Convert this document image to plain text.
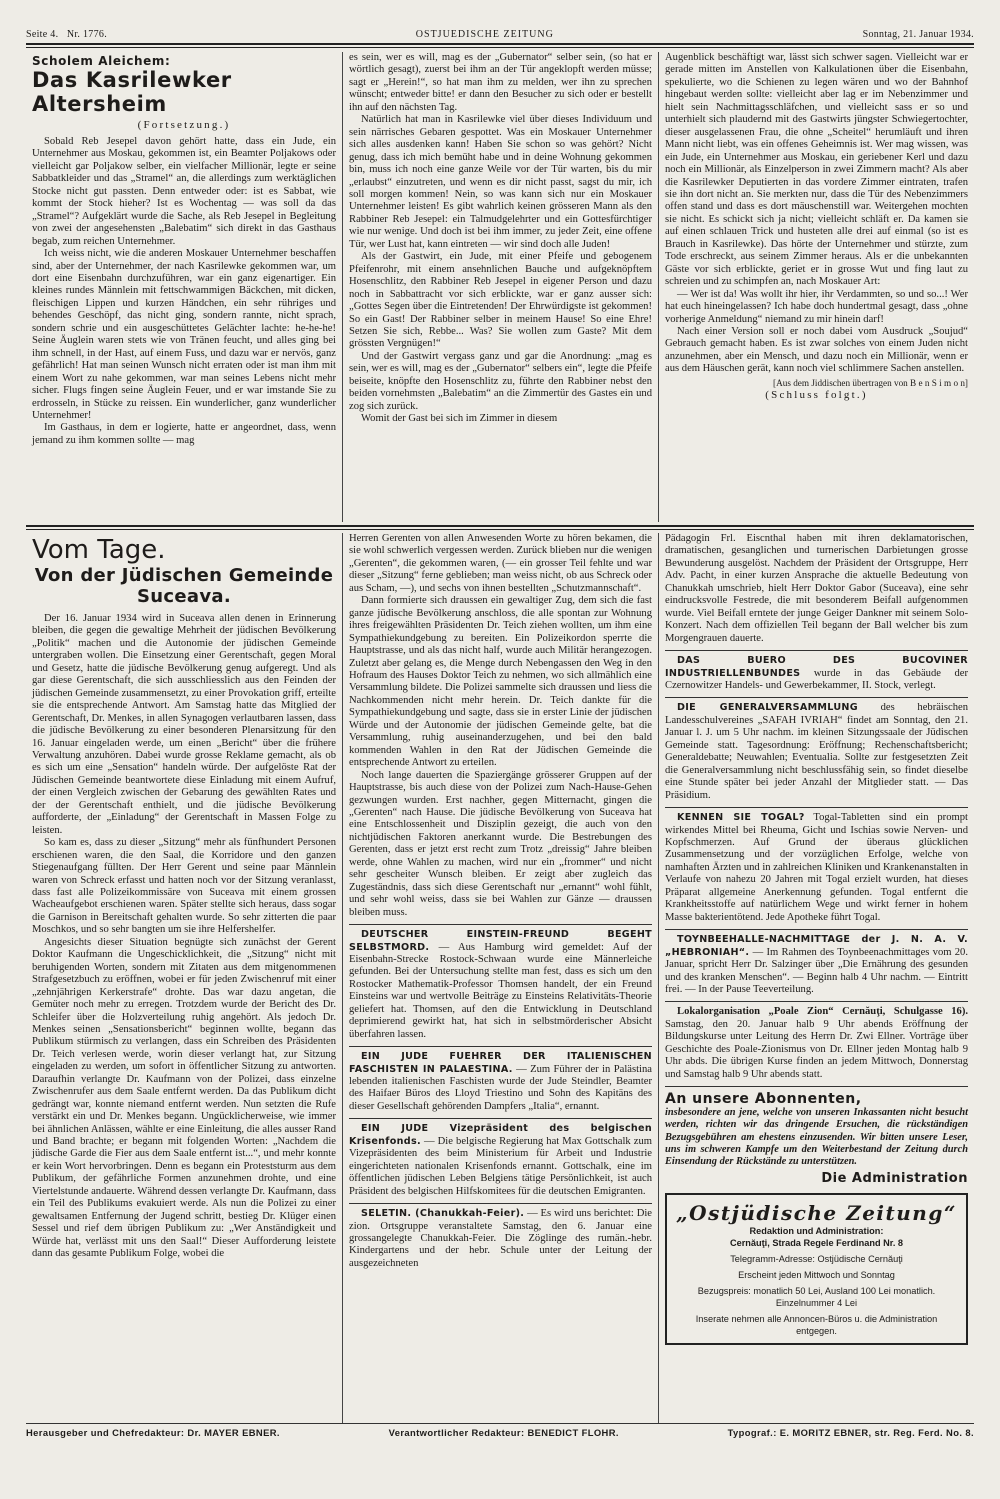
Seite 4. Nr. 1776.	OSTJUEDISCHE ZEITUNG	Sonntag, 21. Januar 1934.
Scholem Aleichem:
Das Kasrilewker Altersheim
(Fortsetzung.)

Sobald Reb Jesepel davon gehört hatte, dass ein Jude, ein Unternehmer aus Moskau, gekommen ist, ein Beamter Poljakows oder vielleicht gar Poljakow selber, ein vielfacher Millionär, legte er seine Sabbatkleider und das „Stramel“ an, die allerdings zum werktäglichen Stocke nicht gut passten. Denn entweder oder: ist es Sabbat, wie kommt der Stock hieher? Ist es Wochentag — was soll da das „Stramel“? Aufgeklärt wurde die Sache, als Reb Jesepel in Begleitung von zwei der angesehensten „Balebatim“ sich direkt in das Gasthaus begab, zum reichen Unternehmer.

Ich weiss nicht, wie die anderen Moskauer Unternehmer beschaffen sind, aber der Unternehmer, der nach Kasrilewke gekommen war, um dort eine Eisenbahn durchzuführen, war ein ganz eigenartiger. Ein kleines rundes Männlein mit fettschwammigen Bäckchen, mit dicken, fleischigen Lippen und kurzen Händchen, ein sehr rühriges und behendes Geschöpf, das nicht ging, sondern rannte, nicht sprach, sondern schrie und ein ausgeschüttetes Gelächter lachte: he-he-he! Seine Äuglein waren stets wie von Tränen feucht, und alles ging bei ihm schnell, in der Hast, auf einem Fuss, und dazu war er nervös, ganz gefährlich! Hat man seinen Wunsch nicht erraten oder ist man ihm mit einem Wort zu nahe gekommen, war man seines Lebens nicht mehr sicher. Flugs fingen seine Äuglein Feuer, und er war imstande Sie zu erdrosseln, in Stücke zu reissen. Ein wunderlicher, ganz wunderlicher Unternehmer!

Im Gasthaus, in dem er logierte, hatte er angeordnet, dass, wenn jemand zu ihm kommen sollte — mag

es sein, wer es will, mag es der „Gubernator“ selber sein, (so hat er wörtlich gesagt), zuerst bei ihm an der Tür angeklopft werden müsse; sagt er „Herein!“, so hat man ihm zu melden, wer ihn zu sprechen wünscht; entweder bitte! er dann den Besucher zu sich oder er bestellt ihn auf den nächsten Tag.

Natürlich hat man in Kasrilewke viel über dieses Individuum und sein närrisches Gebaren gespottet. Was ein Moskauer Unternehmer sich alles ausdenken kann! Haben Sie schon so was gehört? Nicht genug, dass ich mich bemüht habe und in deine Wohnung gekommen bin, muss ich noch eine ganze Weile vor der Tür warten, bis du mir „erlaubst“ einzutreten, und wenn es dir nicht passt, sagst du mir, ich soll morgen kommen! Nein, so was kann sich nur ein Moskauer Unternehmer leisten! Es gibt wahrlich keinen grösseren Mann als den Rabbiner Reb Jesepel: ein Talmudgelehrter und ein Gottesfürchtiger wie nur wenige. Und doch ist bei ihm immer, zu jeder Zeit, eine offene Tür, wer Lust hat, kann eintreten — wir sind doch alle Juden!

Als der Gastwirt, ein Jude, mit einer Pfeife und gebogenem Pfeifenrohr, mit einem ansehnlichen Bauche und aufgeknöpftem Hosenschlitz, den Rabbiner Reb Jesepel in eigener Person und dazu noch in Sabbattracht vor sich erblickte, war er ganz ausser sich: „Gottes Segen über die Eintretenden! Der Ehrwürdigste ist gekommen! So ein Gast! Der Rabbiner selber in meinem Hause! So eine Ehre! Setzen Sie sich, Rebbe... Was? Sie wollen zum Gaste? Mit dem grössten Vergnügen!“

Und der Gastwirt vergass ganz und gar die Anordnung: „mag es sein, wer es will, mag es der „Gubernator“ selbers ein“, legte die Pfeife beiseite, knöpfte den Hosenschlitz zu, führte den Rabbiner nebst den beiden vornehmsten „Balebatim“ an die Zimmertür des Gastes ein und zog sich zurück.

Womit der Gast bei sich im Zimmer in diesem

Augenblick beschäftigt war, lässt sich schwer sagen. Vielleicht war er gerade mitten im Anstellen von Kalkulationen über die Eisenbahn, spekulierte, wo die Schienen zu legen wären und wo der Bahnhof hingebaut werden sollte: vielleicht aber lag er im Nebenzimmer und hielt sein Nachmittagsschläfchen, und vielleicht sass er so und unterhielt sich plaudernd mit des Gastwirts jüngster Schwiegertochter, dieser ausgelassenen Frau, die ohne „Scheitel“ herumläuft und ihren Mann nicht liebt, was ein offenes Geheimnis ist. Wer mag wissen, was ein Jude, ein Unternehmer aus Moskau, ein geriebener Kerl und dazu noch ein Millionär, als Einzelperson in zwei Zimmern macht? Als aber die Kasrilewker Deputierten in das vordere Zimmer eintraten, trafen sie ihn dort nicht an. Sie merkten nur, dass die Tür des Nebenzimmers offen stand und dass es dort mäuschenstill war. Weitergehen mochten sie nicht. Es schickt sich ja nicht; vielleicht schläft er. Da kamen sie auf einen schlauen Trick und husteten alle drei auf einmal (so ist es Brauch in Kasrilewke). Das hörte der Unternehmer und stürzte, zum Tode erschreckt, aus seinem Zimmer heraus. Als er die unbekannten Gäste vor sich erblickte, geriet er in grosse Wut und fing laut zu schreien und zu schimpfen an, nach Moskauer Art:

— Wer ist da! Was wollt ihr hier, ihr Verdammten, so und so...! Wer hat euch hineingelassen? Ich habe doch hundertmal gesagt, dass „ohne vorherige Anmeldung“ niemand zu mir hinein darf!

Nach einer Version soll er noch dabei vom Ausdruck „Soujud“ Gebrauch gemacht haben. Es ist zwar solches von einem Juden nicht anzunehmen, aber ein Mensch, und dazu noch ein Millionär, wenn er aus dem Häuschen gerät, kann noch viel schlimmere Sachen anstellen.

[Aus dem Jiddischen übertragen von B e n S i m o n]
(Schluss folgt.)
Vom Tage.
Von der Jüdischen Gemeinde Suceava.

Der 16. Januar 1934 wird in Suceava allen denen in Erinnerung bleiben, die gegen die gewaltige Mehrheit der jüdischen Bevölkerung „Politik“ machen und die Autonomie der jüdischen Gemeinde untergraben wollen. Die Einsetzung einer Gerentschaft, gegen Moral und Gesetz, hatte die jüdische Bevölkerung genug aufgeregt. Und als gar diese Gerentschaft, die sich ausschliesslich aus den Feinden der jüdischen Gemeinde zusammensetzt, zu einer Provokation griff, erteilte sie die entsprechende Antwort. Am Samstag hatte das Mitglied der Gerentschaft, Dr. Menkes, in allen Synagogen verlautbaren lassen, dass die jüdische Bevölkerung zu einer besonderen Plenarsitzung für den 16. Januar eingeladen werde, um einen „Bericht“ über die frühere Verwaltung anzuhören. Dabei wurde grosse Reklame gemacht, als ob es sich um eine „Sensation“ handeln würde. Der aufgelöste Rat der Jüdischen Gemeinde beantwortete diese Einladung mit einem Aufruf, der einen Vergleich zwischen der Gebarung des gewählten Rates und der der Gerentschaft enthielt, und die jüdische Bevölkerung aufforderte, der „Einladung“ der Gerentschaft in Massen Folge zu leisten.

So kam es, dass zu dieser „Sitzung“ mehr als fünfhundert Personen erschienen waren, die den Saal, die Korridore und den ganzen Stiegenaufgang füllten. Der Herr Gerent und seine paar Männlein waren von Schreck erfasst und hatten noch vor der Sitzung veranlasst, dass fast alle Polizeikommissäre von Suceava mit einem grossen Wacheaufgebot erschienen waren. Später stellte sich heraus, dass sogar die Garnison in Bereitschaft gehalten wurde. So sehr zitterten die paar Moschkos, und so sehr bangten um sie ihre Helfershelfer.

Angesichts dieser Situation begnügte sich zunächst der Gerent Doktor Kaufmann die Ungeschicklichkeit, die „Sitzung“ nicht mit beruhigenden Worten, sondern mit Zitaten aus dem mitgenommenen Strafgesetzbuch zu eröffnen, wobei er für jeden Zwischenruf mit einer „zehnjährigen Kerkerstrafe“ drohte. Das war dazu angetan, die Gemüter noch mehr zu erregen. Trotzdem wurde der Bericht des Dr. Schleifer über die Holzverteilung ruhig angehört. Als jedoch Dr. Menkes seinen „Sensationsbericht“ beginnen wollte, begann das Publikum stürmisch zu verlangen, dass ein Schreiben des Präsidenten Dr. Teich verlesen werde, worin dieser verlangt hat, zur Sitzung eingeladen zu werden, um sofort in öffentlicher Sitzung zu antworten. Daraufhin verlangte Dr. Kaufmann von der Polizei, dass einzelne Zwischenrufer aus dem Saale entfernt werden. Da das Publikum dicht gedrängt war, konnte niemand entfernt werden. Nun setzten die Rufe verstärkt ein und Dr. Menkes begann. Ungücklicherweise, wie immer bei ähnlichen Anlässen, wählte er eine Einleitung, die alles ausser Rand und Band brachte; er begann mit folgenden Worten: „Nachdem die jüdische Garde die Fier aus dem Saale entfernt ist...“, und mehr konnte er kein Wort hervorbringen. Denn es begann ein Proteststurm aus dem Publikum, der gefährliche Formen anzunehmen drohte, und eine Viertelstunde andauerte. Während dessen verlangte Dr. Kaufmann, dass ein Teil des Publikums evakuiert werde. Als nun die Polizei zu einer gewaltsamen Entfernung der Jugend schritt, bestieg Dr. Klüger einen Sessel und rief dem übrigen Publikum zu: „Wer Anständigkeit und Würde hat, verlässt mit uns den Saal!“ Dieser Aufforderung leistete dann das gesamte Publikum Folge, wobei die

Herren Gerenten von allen Anwesenden Worte zu hören bekamen, die sie wohl schwerlich vergessen werden. Zurück blieben nur die wenigen „Gerenten“, die gekommen waren, (— ein grosser Teil fehlte und war dieser „Sitzung“ ferne geblieben; man weiss nicht, ob aus Schreck oder aus Scham, —), und sechs von ihnen bestellten „Schutzmannschaft“.

Dann formierte sich draussen ein gewaltiger Zug, dem sich die fast ganze jüdische Bevölkerung anschloss, die alle spontan zur Wohnung ihres freigewählten Präsidenten Dr. Teich ziehen wollten, um ihm eine Sympathiekundgebung zu bereiten. Ein Polizeikordon sperrte die Hauptstrasse, und als das nicht half, wurde auch Militär herangezogen. Zuletzt aber gelang es, die Menge durch Nebengassen den Weg in den Hofraum des Hauses Doktor Teich zu nehmen, wo sich allmählich eine Versammlung bildete. Die Polizei sammelte sich draussen und liess die Nachkommenden nicht mehr herein. Dr. Teich dankte für die Sympathiekundgebung und sagte, dass sie in erster Linie der jüdischen Würde und der Autonomie der jüdischen Gemeinde gelte, bat die Versammlung, ruhig auseinanderzugehen, und bei den bald kommenden Wahlen in den Rat der Jüdischen Gemeinde die entsprechende Antwort zu erteilen.

Noch lange dauerten die Spaziergänge grösserer Gruppen auf der Hauptstrasse, bis auch diese von der Polizei zum Nach-Hause-Gehen gezwungen wurden. Erst nachher, gegen Mitternacht, gingen die „Gerenten“ nach Hause. Die jüdische Bevölkerung von Suceava hat eine Entschlossenheit und Disziplin gezeigt, die auch von den nichtjüdischen Faktoren anerkannt wurde. Die Bestrebungen des Gerenten, dass er jetzt erst recht zum Trotz „dreissig“ Jahre bleiben werde, ohne Wahlen zu machen, wird nur ein „frommer“ und nicht sehr gescheiter Wunsch bleiben. Er zeigt aber zugleich das Zugeständnis, dass sich diese Gerentschaft nur „ernannt“ wohl fühlt, und sehr wohl weiss, dass sie bei Wahlen zur Gänze — draussen bleiben muss.

DEUTSCHER EINSTEIN-FREUND BEGEHT SELBSTMORD. — Aus Hamburg wird gemeldet: Auf der Eisenbahn-Strecke Rostock-Schwaan wurde eine Männerleiche gefunden. Bei der Untersuchung stellte man fest, dass es sich um den Rostocker Mathematik-Professor Thomsen handelt, der ein Freund Einsteins war und wertvolle Beiträge zu Einsteins Relativitäts-Theorie geliefert hat. Thomsen, auf den die Entwicklung in Deutschland deprimierend gewirkt hat, hat sich in selbstmörderischer Absicht überfahren lassen.

EIN JUDE FUEHRER DER ITALIENISCHEN FASCHISTEN IN PALAESTINA. — Zum Führer der in Palästina lebenden italienischen Faschisten wurde der Jude Steindler, Beamter des Haifaer Büros des Lloyd Triestino und Sohn des Kapitäns des dieser Gesellschaft gehörenden Dampfers „Italia“, ernannt.

EIN JUDE Vizepräsident des belgischen Krisenfonds. — Die belgische Regierung hat Max Gottschalk zum Vizepräsidenten des beim Ministerium für Arbeit und Industrie eingerichteten nationalen Krisenfonds ernannt. Gottschalk, eine im öffentlichen jüdischen Leben Belgiens tätige Persönlichkeit, ist auch Präsident des belgischen Hilfskomitees für die deutschen Emigranten.

SELETIN. (Chanukkah-Feier). — Es wird uns berichtet: Die zion. Ortsgruppe veranstaltete Samstag, den 6. Januar eine grossangelegte Chanukkah-Feier. Die Zöglinge des rumän.-hebr. Kindergartens und der hebr. Schule unter der Leitung der ausgezeichneten

Pädagogin Frl. Eiscnthal haben mit ihren deklamatorischen, dramatischen, gesanglichen und turnerischen Darbietungen grosse Bewunderung ausgelöst. Nachdem der Präsident der Ortsgruppe, Herr Adv. Pacht, in einer kurzen Ansprache die aktuelle Bedeutung von Chanukkah umschrieb, hielt Herr Doktor Gabor (Suceava), eine sehr eindrucksvolle Festrede, die mit besonderem Beifall aufgenommen wurde. Viel Beifall erntete der junge Geiger Dankner mit seinem Solo-Konzert. Nach dem offiziellen Teil begann der Ball welcher bis zum Morgengrauen dauerte.

DAS BUERO DES BUCOVINER INDUSTRIELLENBUNDES wurde in das Gebäude der Czernowitzer Handels- und Gewerbekammer, II. Stock, verlegt.

DIE GENERALVERSAMMLUNG des hebräischen Landesschulvereines „SAFAH IVRIAH“ findet am Sonntag, den 21. Januar l. J. um 5 Uhr nachm. im kleinen Sitzungssaale der Jüdischen Gemeinde statt. Tagesordnung: Eröffnung; Rechenschaftsbericht; Generaldebatte; Neuwahlen; Eventualia. Sollte zur festgesetzten Zeit die Generalversammlung nicht beschlussfähig sein, so findet dieselbe eine Stunde später bei jeder Anzahl der Mitglieder statt. — Das Präsidium.

KENNEN SIE TOGAL? Togal-Tabletten sind ein prompt wirkendes Mittel bei Rheuma, Gicht und Ischias sowie Nerven- und Kopfschmerzen. Auf Grund der überaus glücklichen Zusammensetzung und der vorzüglichen Erfolge, welche von namhaften Ärzten und in zahlreichen Kliniken und Krankenanstalten in Verlaufe von nahezu 20 Jahren mit Togal erzielt wurden, hat dieses Präparat allgemeine Anerkennung gefunden. Togal entfernt die Krankheitsstoffe auf natürlichem Wege und wirkt ferner in hohem Masse bakterientötend. Jede Apotheke führt Togal.

TOYNBEEHALLE-NACHMITTAGE der J. N. A. V. „HEBRONIAH“. — Im Rahmen des Toynbeenachmittages vom 20. Januar, spricht Herr Dr. Salzinger über „Die Ernährung des gesunden und des kranken Menschen“. — Beginn halb 4 Uhr nachm. — Eintritt frei. — In der Pause Teeverteilung.

Lokalorganisation „Poale Zion“ Cernăuţi, Schulgasse 16). Samstag, den 20. Januar halb 9 Uhr abends Eröffnung der Bildungskurse unter Leitung des Herrn Dr. Zwi Ellner. Vorträge über Geschichte des Poale-Zionismus von Dr. Ellner jeden Montag halb 9 Uhr abds. Die übrigen Kurse finden an jedem Mittwoch, Donnerstag und Samstag halb 9 Uhr abends statt.

An unsere Abonnenten,
insbesondere an jene, welche von unseren Inkassanten nicht besucht werden, richten wir das dringende Ersuchen, die rückständigen Bezugsgebühren am ehestens einzusenden. Wir bitten unsere Leser, uns im schweren Kampfe um den Weiterbestand der Zeitung durch Einsendung der Rückstände zu unterstützen.
Die Administration
„Ostjüdische Zeitung“
Redaktion und Administration:
Cernăuţi, Strada Regele Ferdinand Nr. 8
Telegramm-Adresse: Ostjüdische Cernăuţi
Erscheint jeden Mittwoch und Sonntag
Bezugspreis: monatlich 50 Lei, Ausland 100 Lei monatlich. Einzelnummer 4 Lei
Inserate nehmen alle Annoncen-Büros u. die Administration entgegen.
Herausgeber und Chefredakteur: Dr. MAYER EBNER.	Verantwortlicher Redakteur: BENEDICT FLOHR.	Typograf.: E. MORITZ EBNER, str. Reg. Ferd. No. 8.
